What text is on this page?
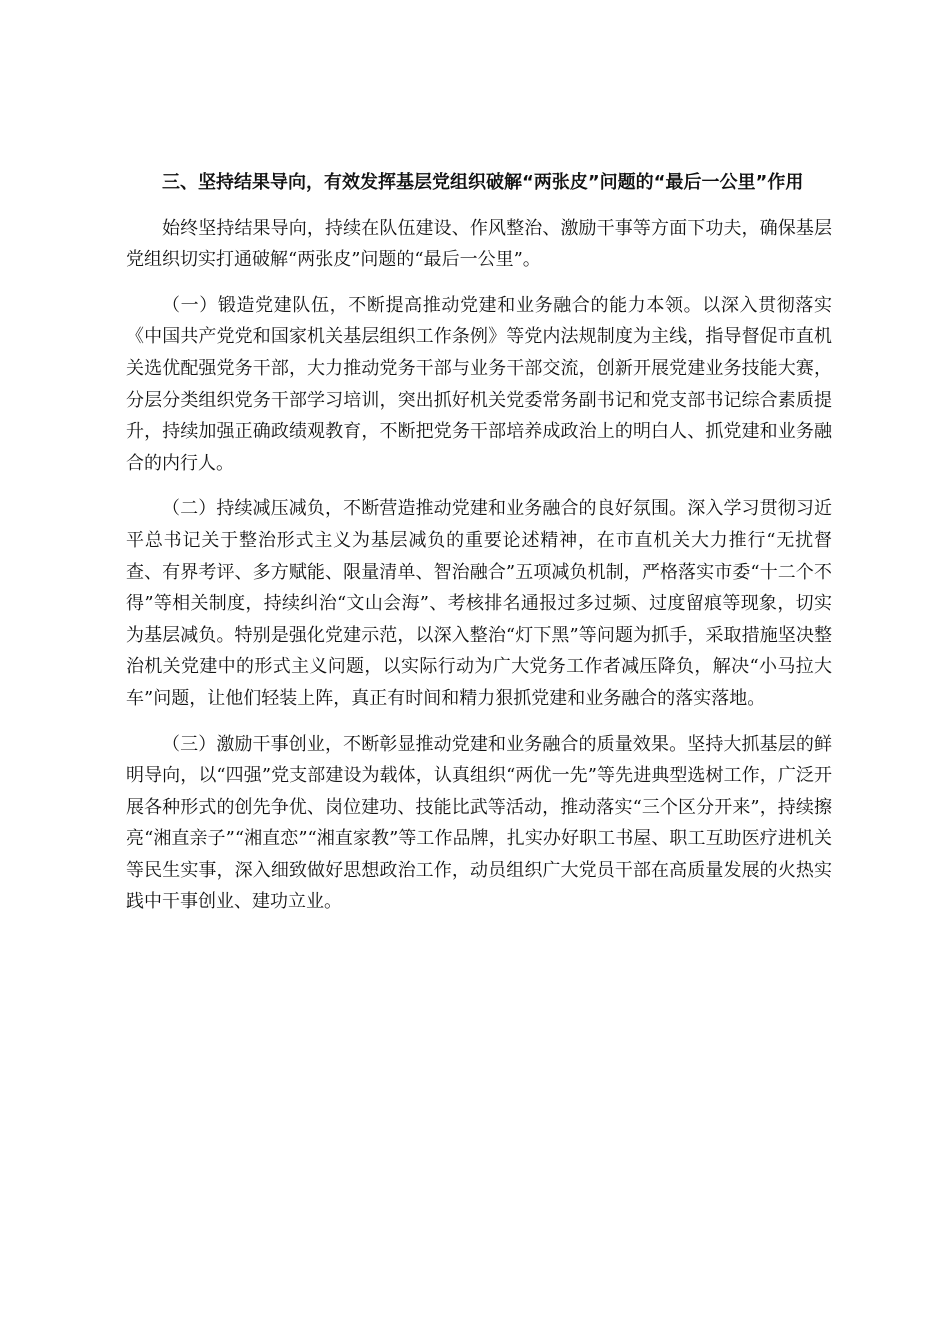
三、坚持结果导向，有效发挥基层党组织破解“两张皮”问题的“最后一公里”作用

始终坚持结果导向，持续在队伍建设、作风整治、激励干事等方面下功夫，确保基层党组织切实打通破解“两张皮”问题的“最后一公里”。

（一）锻造党建队伍，不断提高推动党建和业务融合的能力本领。以深入贯彻落实《中国共产党党和国家机关基层组织工作条例》等党内法规制度为主线，指导督促市直机关选优配强党务干部，大力推动党务干部与业务干部交流，创新开展党建业务技能大赛，分层分类组织党务干部学习培训，突出抓好机关党委常务副书记和党支部书记综合素质提升，持续加强正确政绩观教育，不断把党务干部培养成政治上的明白人、抓党建和业务融合的内行人。

（二）持续减压减负，不断营造推动党建和业务融合的良好氛围。深入学习贯彻习近平总书记关于整治形式主义为基层减负的重要论述精神，在市直机关大力推行“无扰督查、有界考评、多方赋能、限量清单、智治融合”五项减负机制，严格落实市委“十二个不得”等相关制度，持续纠治“文山会海”、考核排名通报过多过频、过度留痕等现象，切实为基层减负。特别是强化党建示范，以深入整治“灯下黑”等问题为抓手，采取措施坚决整治机关党建中的形式主义问题，以实际行动为广大党务工作者减压降负，解决“小马拉大车”问题，让他们轻装上阵，真正有时间和精力狠抓党建和业务融合的落实落地。

（三）激励干事创业，不断彰显推动党建和业务融合的质量效果。坚持大抓基层的鲜明导向，以“四强”党支部建设为载体，认真组织“两优一先”等先进典型选树工作，广泛开展各种形式的创先争优、岗位建功、技能比武等活动，推动落实“三个区分开来”，持续擦亮“湘直亲子”“湘直恋”“湘直家教”等工作品牌，扎实办好职工书屋、职工互助医疗进机关等民生实事，深入细致做好思想政治工作，动员组织广大党员干部在高质量发展的火热实践中干事创业、建功立业。
